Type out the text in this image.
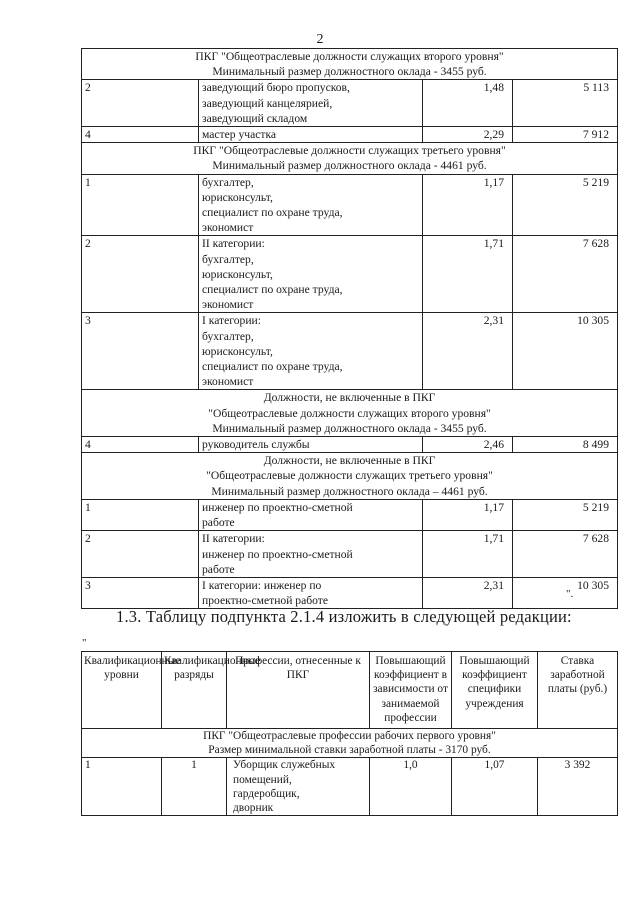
2
ПКГ "Общеотраслевые должности служащих второго уровня"
Минимальный размер должностного оклада - 3455 руб.			

2	заведующий бюро пропусков,
заведующий канцелярией,
заведующий складом	1,48	5 113
4	мастер участка	2,29	7 912

ПКГ "Общеотраслевые должности служащих третьего уровня"
Минимальный размер должностного оклада - 4461 руб.			

1	бухгалтер,
юрисконсульт,
специалист по охране труда,
экономист	1,17	5 219
2	II категории:
бухгалтер,
юрисконсульт,
специалист по охране труда,
экономист	1,71	7 628
3	I категории:
бухгалтер,
юрисконсульт,
специалист по охране труда,
экономист	2,31	10 305

Должности, не включенные в ПКГ
"Общеотраслевые должности служащих второго уровня"
Минимальный размер должностного оклада - 3455 руб.			

4	руководитель службы	2,46	8 499

Должности, не включенные в ПКГ
"Общеотраслевые должности служащих третьего уровня"
Минимальный размер должностного оклада – 4461 руб.			

1	инженер по проектно-сметной
работе	1,17	5 219
2	II категории:
инженер по проектно-сметной
работе	1,71	7 628
3	I категории: инженер по
проектно-сметной работе	2,31	10 305
".
1.3. Таблицу подпункта 2.1.4 изложить в следующей редакции:
"
Квалификационные уровни	Квалификационные разряды	Профессии, отнесенные к ПКГ	Повышающий коэффициент в зависимости от занимаемой профессии	Повышающий коэффициент специфики учреждения	Ставка заработной платы (руб.)

ПКГ "Общеотраслевые профессии рабочих первого уровня"
Размер минимальной ставки заработной платы - 3170 руб.					

1	1	Уборщик служебных
помещений,
гардеробщик,
дворник	1,0	1,07	3 392
